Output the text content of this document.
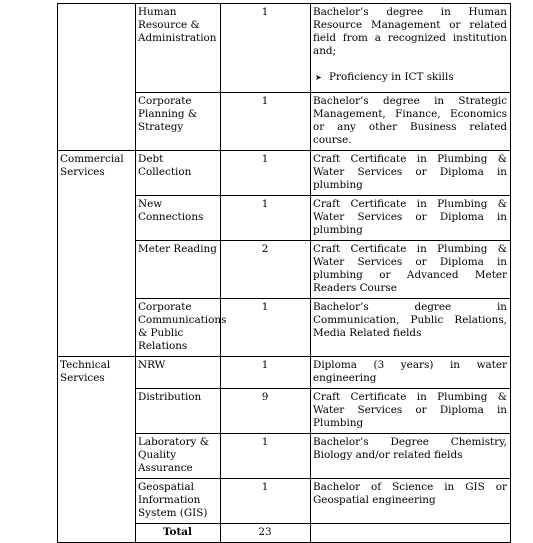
	Human Resource & Administration	1	Bachelor’s degree in Human Resource Management or related field from a recognized institution and;
➤ Proficiency in ICT skills

	Corporate Planning & Strategy	1	Bachelor’s degree in Strategic Management, Finance, Economics or any other Business related course.
Commercial Services	Debt Collection	1	Craft Certificate in Plumbing & Water Services or Diploma in plumbing
	New Connections	1	Craft Certificate in Plumbing & Water Services or Diploma in plumbing
	Meter Reading	2	Craft Certificate in Plumbing & Water Services or Diploma in plumbing or Advanced Meter Readers Course
	Corporate Communications & Public Relations	1	Bachelor’s degree in Communication, Public Relations, Media Related fields
Technical Services	NRW	1	Diploma (3 years) in water engineering
	Distribution	9	Craft Certificate in Plumbing & Water Services or Diploma in Plumbing
	Laboratory & Quality Assurance	1	Bachelor’s Degree Chemistry, Biology and/or related fields
	Geospatial Information System (GIS)	1	Bachelor of Science in GIS or Geospatial engineering
	Total	23	
